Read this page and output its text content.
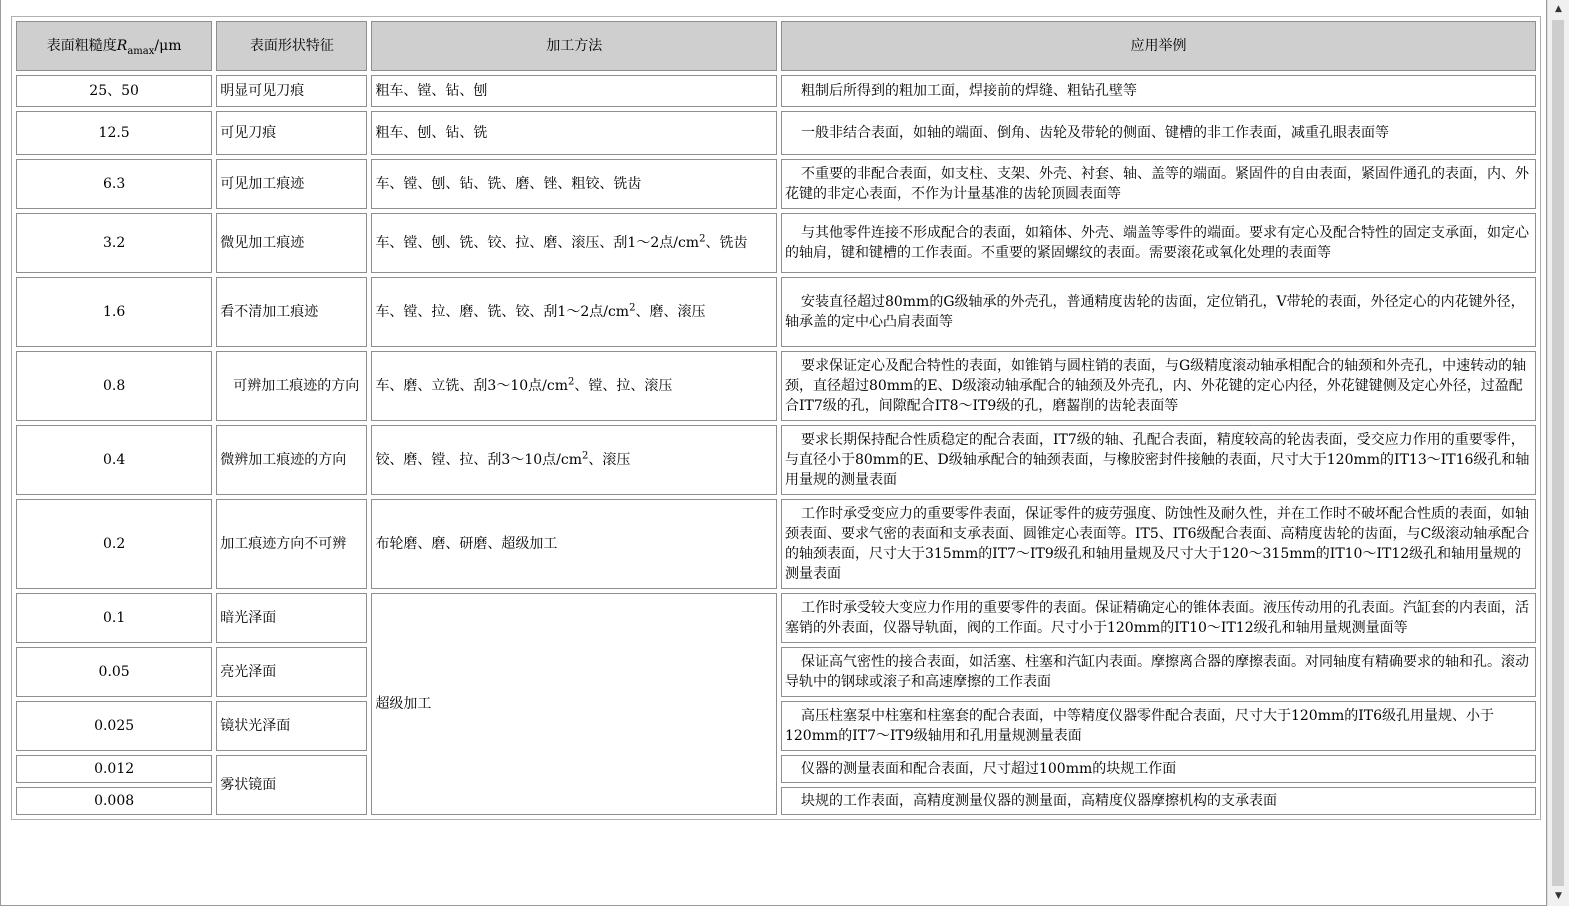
表面粗糙度$R_{amax}/\mu m$	表面形状特征	加工方法	应用举例
25、50	明显可见刀痕	粗车、镗、钻、刨	粗制后所得到的粗加工面，焊接前的焊缝、粗钻孔壁等
12.5	可见刀痕	粗车、刨、钻、铣	一般非结合表面，如轴的端面、倒角、齿轮及带轮的侧面、键槽的非工作表面，减重孔眼表面等
6.3	可见加工痕迹	车、镗、刨、钻、铣、磨、锉、粗铰、铣齿	不重要的非配合表面，如支柱、支架、外壳、衬套、轴、盖等的端面。紧固件的自由表面，紧固件通孔的表面，内、外花键的非定心表面，不作为计量基准的齿轮顶圆表面等
3.2	微见加工痕迹	车、镗、刨、铣、铰、拉、磨、滚压、刮1～2点$/cm^2$、铣齿	与其他零件连接不形成配合的表面，如箱体、外壳、端盖等零件的端面。要求有定心及配合特性的固定支承面，如定心的轴肩，键和键槽的工作表面。不重要的紧固螺纹的表面。需要滚花或氧化处理的表面等
1.6	看不清加工痕迹	车、镗、拉、磨、铣、铰、刮1～2点$/cm^2$、磨、滚压	安装直径超过80mm的G级轴承的外壳孔，普通精度齿轮的齿面，定位销孔，V带轮的表面，外径定心的内花键外径，轴承盖的定中心凸肩表面等
0.8	可辨加工痕迹的方向	车、磨、立铣、刮3～10点$/cm^2$、镗、拉、滚压	要求保证定心及配合特性的表面，如锥销与圆柱销的表面，与G级精度滚动轴承相配合的轴颈和外壳孔，中速转动的轴颈，直径超过80mm的E、D级滚动轴承配合的轴颈及外壳孔，内、外花键的定心内径，外花键键侧及定心外径，过盈配合IT7级的孔，间隙配合IT8～IT9级的孔，磨齧削的齿轮表面等
0.4	微辨加工痕迹的方向	铰、磨、镗、拉、刮3～10点$/cm^2$、滚压	要求长期保持配合性质稳定的配合表面，IT7级的轴、孔配合表面，精度较高的轮齿表面，受交应力作用的重要零件，与直径小于80mm的E、D级轴承配合的轴颈表面，与橡胶密封件接触的表面，尺寸大于120mm的IT13～IT16级孔和轴用量规的测量表面
0.2	加工痕迹方向不可辨	布轮磨、磨、研磨、超级加工	工作时承受变应力的重要零件表面，保证零件的疲劳强度、防蚀性及耐久性，并在工作时不破坏配合性质的表面，如轴颈表面、要求气密的表面和支承表面、圆锥定心表面等。IT5、IT6级配合表面、高精度齿轮的齿面，与C级滚动轴承配合的轴颈表面，尺寸大于315mm的IT7～IT9级孔和轴用量规及尺寸大于120～315mm的IT10～IT12级孔和轴用量规的测量表面
0.1	暗光泽面	超级加工	工作时承受较大变应力作用的重要零件的表面。保证精确定心的锥体表面。液压传动用的孔表面。汽缸套的内表面，活塞销的外表面，仪器导轨面，阀的工作面。尺寸小于120mm的IT10～IT12级孔和轴用量规测量面等
0.05	亮光泽面		保证高气密性的接合表面，如活塞、柱塞和汽缸内表面。摩擦离合器的摩擦表面。对同轴度有精确要求的轴和孔。滚动导轨中的钢球或滚子和高速摩擦的工作表面
0.025	镜状光泽面		高压柱塞泵中柱塞和柱塞套的配合表面，中等精度仪器零件配合表面，尺寸大于120mm的IT6级孔用量规、小于120mm的IT7～IT9级轴用和孔用量规测量表面
0.012	雾状镜面		仪器的测量表面和配合表面，尺寸超过100mm的块规工作面
0.008			块规的工作表面，高精度测量仪器的测量面，高精度仪器摩擦机构的支承表面
▲
▼
